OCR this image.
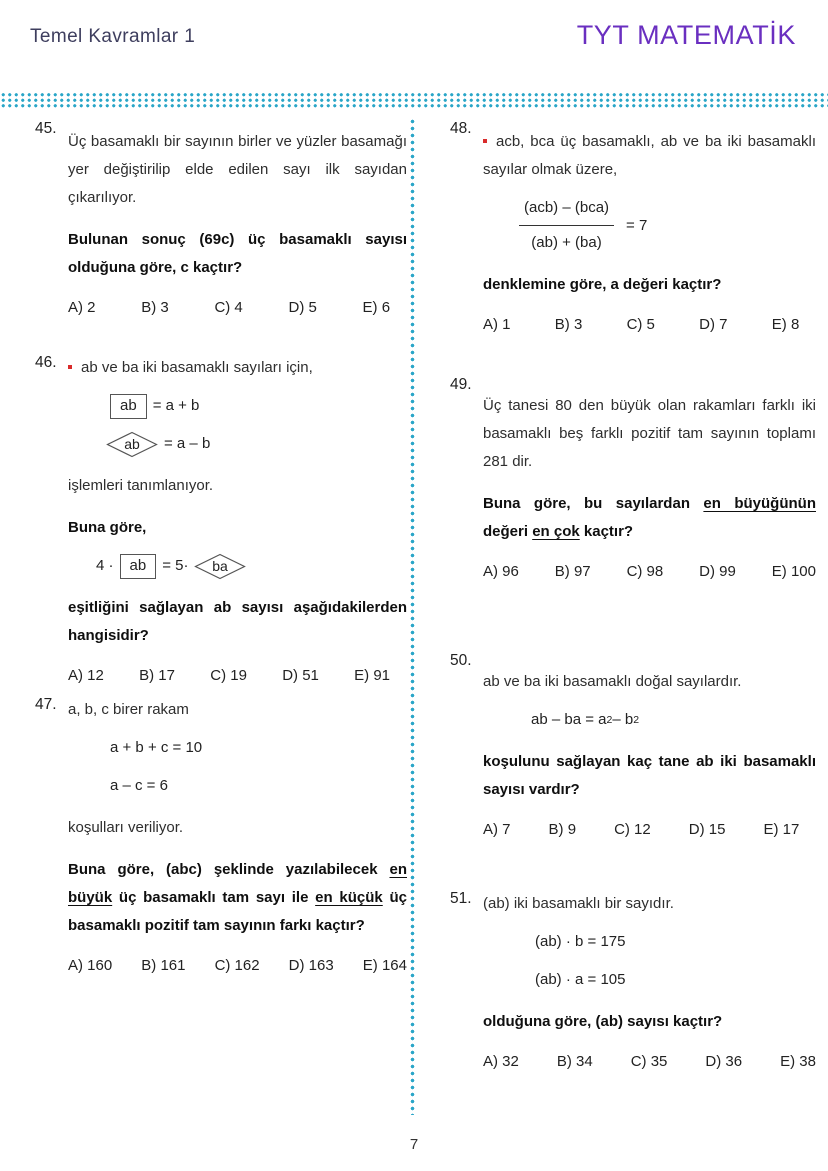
Temel Kavramlar 1	TYT MATEMATİK
45.

Üç basamaklı bir sayının birler ve yüzler basamağı yer değiştirilip elde edilen sayı ilk sayıdan çıkarılıyor.

Bulunan sonuç (69c) üç basamaklı sayısı olduğuna göre, c kaçtır?

A) 2	B) 3	C) 4	D) 5	E) 6
46.	ab ve ba iki basamaklı sayıları için,

ab	= a + b
ab = a – b

işlemleri tanımlanıyor.

Buna göre,

4 ·	ab	= 5· ba

eşitliğini sağlayan ab sayısı aşağıdakilerden hangisidir?

A) 12 B) 17 C) 19 D) 51 E) 91
47. a, b, c birer rakam

a + b + c = 10
a – c = 6

koşulları veriliyor.

Buna göre, (abc) şeklinde yazılabilecek en büyük üç basamaklı tam sayı ile en küçük üç basamaklı pozitif tam sayının farkı kaçtır?

A) 160 B) 161 C) 162 D) 163 E) 164
48.

acb, bca üç basamaklı, ab ve ba iki basamaklı sayılar olmak üzere,

$\frac{\text{(acb) – (bca)}}{(ab) + (ba)} = 7$

denklemine göre, a değeri kaçtır?

A) 1	B) 3	C) 5	D) 7	E) 8
49.

Üç tanesi 80 den büyük olan rakamları farklı iki basamaklı beş farklı pozitif tam sayının toplamı 281 dir.

Buna göre, bu sayılardan en büyüğünün değeri en çok kaçtır?

A) 96 B) 97 C) 98 D) 99 E) 100
50.

ab ve ba iki basamaklı doğal sayılardır.

ab – ba = a 2 – b 2

koşulunu sağlayan kaç tane ab iki basamaklı sayısı vardır?

A) 7	B) 9	C) 12	D) 15	E) 17
51. (ab) iki basamaklı bir sayıdır.

(ab) · b = 175
(ab) · a = 105

olduğuna göre, (ab) sayısı kaçtır?

A) 32	B) 34	C) 35	D) 36	E) 38
7
